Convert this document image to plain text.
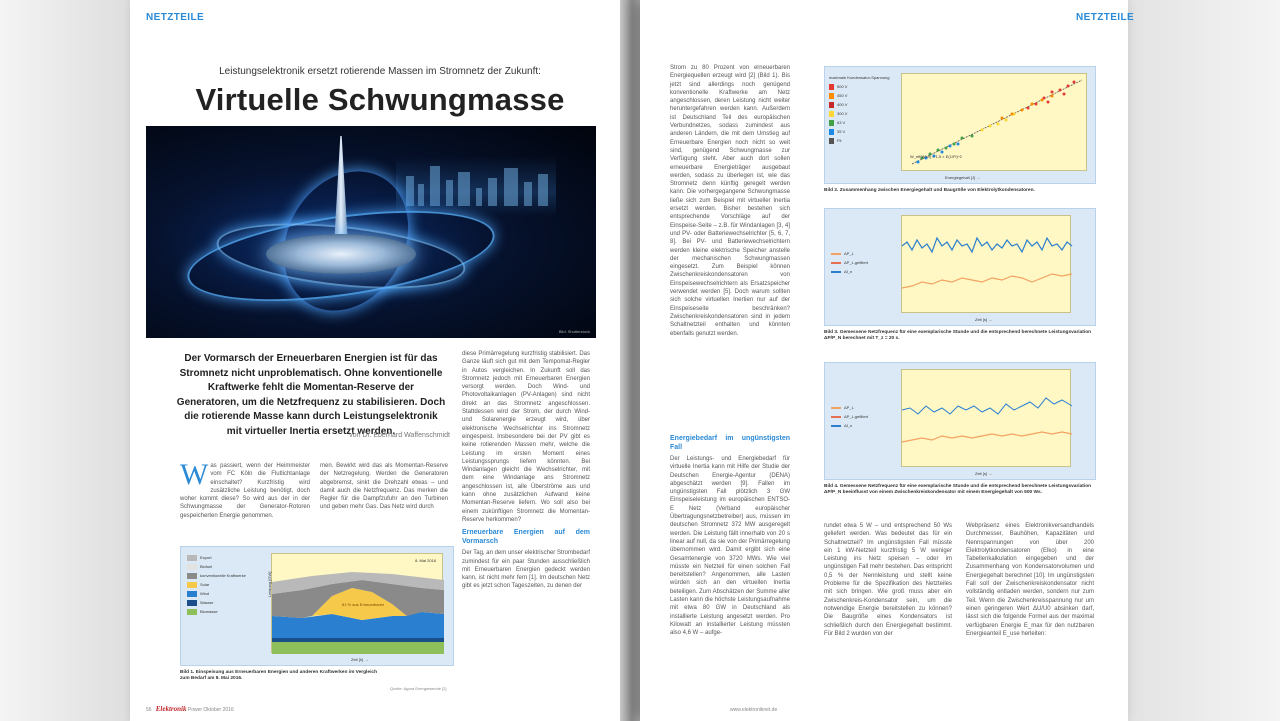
NETZTEILE
Leistungselektronik ersetzt rotierende Massen im Stromnetz der Zukunft:
Virtuelle Schwungmasse
Bild: Shutterstock
Der Vormarsch der Erneuerbaren Energien ist für das Stromnetz nicht unproblematisch. Ohne konventionelle Kraftwerke fehlt die Momentan-Reserve der Generatoren, um die Netzfrequenz zu stabilisieren. Doch die rotierende Masse kann durch Leistungselektronik mit virtueller Inertia ersetzt werden.
Von Dr. Eberhard Waffenschmidt
Was passiert, wenn der Heimmeister vom FC Köln die Flutlichtanlage einschaltet? Kurzfristig wird zusätzliche Leistung benötigt, doch woher kommt diese? So wird aus der in der Schwungmasse der Generator-Rotoren gespeicherten Energie genommen.
men. Bewirkt wird das als Momentan-Reserve der Netzregelung. Werden die Generatoren abgebremst, sinkt die Drehzahl etwas – und damit auch die Netzfrequenz. Das merken die Regler für die Dampfzufuhr an den Turbinen und geben mehr Gas. Das Netz wird durch

diese Primärregelung kurzfristig stabilisiert. Das Ganze läuft sich gut mit dem Tempomat-Regler in Autos vergleichen. In Zukunft soll das Stromnetz jedoch mit Erneuerbaren Energien versorgt werden. Doch Wind- und Photovoltaikanlagen (PV-Anlagen) sind nicht direkt an das Stromnetz angeschlossen. Stattdessen wird der Strom, der durch Wind- und Solarenergie erzeugt wird, über elektronische Wechselrichter ins Stromnetz eingespeist. Insbesondere bei der PV gibt es keine rotierenden Massen mehr, welche die Leistung im ersten Moment eines Leistungssprungs liefern könnten. Bei Windanlagen gleicht die Wechselrichter, mit dem eine Windanlage ans Stromnetz angeschlossen ist, alle Überströme aus und kann ohne zusätzlichen Aufwand keine Momentan-Reserve liefern. Wo soll also bei einem zukünftigen Stromnetz die Momentan-Reserve herkommen?

Erneuerbare Energien auf dem Vormarsch

Der Tag, an dem unser elektrischer Strombedarf zumindest für ein paar Stunden ausschließlich mit Erneuerbaren Energien gedeckt werden kann, ist nicht mehr fern [1]. Im deutschen Netz gibt es jetzt schon Tageszeiten, zu denen der

Export
Biofuel
konventionelle Kraftwerke
Solar
Wind
Wasser
Biomasse
8. Mai 2016
81 % aus Erneuerbaren
Leistung [GW]
Zeit [h] →
Bild 1. Einspeisung aus Erneuerbaren Energien und anderen Kraftwerken im Vergleich zum Bedarf am 8. Mai 2016.
Quelle: Agora Energiewende [2]
56 Elektronik Power Oktober 2016
NETZTEILE
Strom zu 80 Prozent von erneuerbaren Energiequellen erzeugt wird [2] (Bild 1). Bis jetzt sind allerdings noch genügend konventionelle Kraftwerke am Netz angeschlossen, deren Leistung nicht weiter heruntergefahren werden kann. Außerdem ist Deutschland Teil des europäischen Verbundnetzes, sodass zumindest aus anderen Ländern, die mit dem Umstieg auf Erneuerbare Energien noch nicht so weit sind, genügend Schwungmasse zur Verfügung steht. Aber auch dort sollen erneuerbare Energieträger ausgebaut werden, sodass zu überlegen ist, wie das Stromnetz denn künftig geregelt werden kann. Die vorhergegangene Schwungmasse ließe sich zum Beispiel mit virtueller Inertia ersetzt werden. Bisher bestehen sich entsprechende Vorschläge auf der Einspeise-Seite – z.B. für Windanlagen [3, 4] und PV- oder Batteriewechselrichter [5, 6, 7, 8]. Bei PV- und Batteriewechselrichtern werden kleine elektrische Speicher anstelle der mechanischen Schwungmassen eingesetzt. Zum Beispiel können Zwischenkreiskondensatoren von Einspeisewechselrichtern als Ersatzspeicher verwendet werden [5]. Doch warum sollten sich solche virtuellen Inertien nur auf der Einspeiseseite beschränken? Zwischenkreiskondensatoren sind in jedem Schaltnetzteil enthalten und könnten ebenfalls genutzt werden.
Energiebedarf im ungünstigsten Fall

Der Leistungs- und Energiebedarf für virtuelle Inertia kann mit Hilfe der Studie der Deutschen Energie-Agentur (DENA) abgeschätzt werden [9]. Fallen im ungünstigsten Fall plötzlich 3 GW Einspeiseleistung im europäischen ENTSO-E Netz (Verband europäischer Übertragungsnetzbetreiber) aus, müssen im deutschen Stromnetz 372 MW ausgeregelt werden. Die Leistung fällt innerhalb von 20 s linear auf null, da sie von der Primärregelung übernommen wird. Damit ergibt sich eine Gesamtenergie von 3720 MWs. Wie viel müsste ein Netzteil für einen solchen Fall bereitstellen? Angenommen, alle Lasten würden sich an den virtuellen Inertia beteiligen. Zum Abschätzen der Summe aller Lasten kann die höchste Leistungsaufnahme mit etwa 80 GW in Deutschland als installierte Leistung angesetzt werden. Pro Kilowatt an installierter Leistung müssten also 4,6 W – aufge-

maximale Kondensator-Spannung
500 V
450 V
400 V
300 V
63 V
35 V
Fit
W_eff(Wh/l) = 1,5 × E(1/Fl)^2
Energiegehalt [J] →
Bild 2. Zusammenhang zwischen Energiegehalt und Baugröße von Elektrolytkondensatoren.
ΔP_L
ΔP_L,gefiltert
Δf_n
Zeit [s] →
Bild 3. Gemessene Netzfrequenz für eine exemplarische Stunde und die entsprechend berechnete Leistungsvariation ΔP/P_N berechnet mit T_z = 20 s.
ΔP_L
ΔP_L,gefiltert
Δf_n
Zeit [s] →
Bild 4. Gemessene Netzfrequenz für eine exemplarische Stunde und die entsprechend berechnete Leistungsvariation ΔP/P_N beeinflusst von einem Zwischenkreiskondensator mit einem Energiegehalt von 500 Ws.
rundet etwa 5 W – und entsprechend 50 Ws geliefert werden. Was bedeutet das für ein Schaltnetzteil? Im ungünstigsten Fall müsste ein 1 kW-Netzteil kurzfristig 5 W weniger Leistung ins Netz speisen – oder im ungünstigen Fall mehr bestehen. Das entspricht 0,5 % der Nennleistung und stellt keine Probleme für die Spezifikation des Netzteiles mit sich bringen. Wie groß muss aber ein Zwischenkreis-Kondensator sein, um die notwendige Energie bereitstellen zu können? Die Baugröße eines Kondensators ist schließlich durch den Energiegehalt bestimmt. Für Bild 2 wurden von der
Webpräsenz eines Elektronikversandhandels Durchmesser, Bauhöhen, Kapazitäten und Nennspannungen von über 200 Elektrolytkondensatoren (Elko) in eine Tabellenkalkulation eingegeben und der Zusammenhang von Kondensatorvolumen und Energiegehalt berechnet [10]. Im ungünstigsten Fall soll der Zwischenkreiskondensator nicht vollständig entladen werden, sondern nur zum Teil. Wenn die Zwischenkreisspannung nur um einen geringeren Wert ΔU/U0 absinken darf, lässt sich die folgende Formel aus der maximal verfügbaren Energie E_max für den nutzbaren Energieanteil E_use herleiten:
www.elektroniknet.de
